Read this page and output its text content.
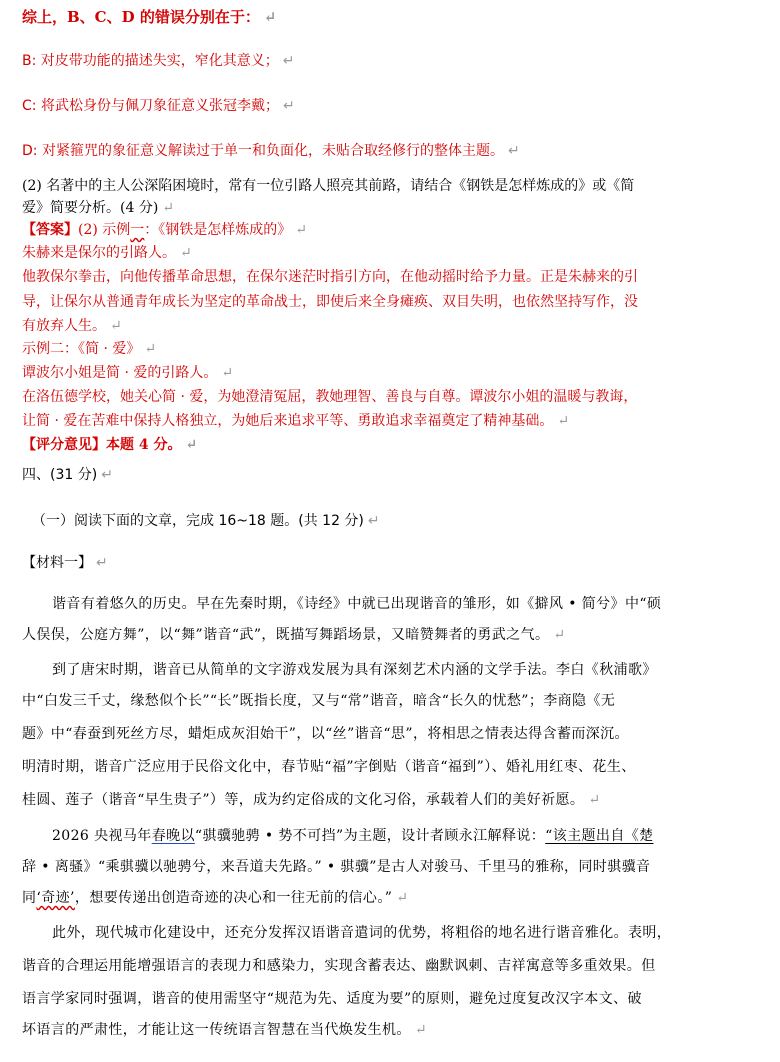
综上，B、C、D 的错误分别在于： ↵
B: 对皮带功能的描述失实，窄化其意义； ↵
C: 将武松身份与佩刀象征意义张冠李戴； ↵
D: 对紧箍咒的象征意义解读过于单一和负面化，未贴合取经修行的整体主题。 ↵
(2) 名著中的主人公深陷困境时，常有一位引路人照亮其前路，请结合《钢铁是怎样炼成的》或《简
爱》简要分析。(4 分) ↵
【答案】(2) 示例一：《钢铁是怎样炼成的》 ↵
朱赫来是保尔的引路人。 ↵
他教保尔拳击，向他传播革命思想，在保尔迷茫时指引方向，在他动摇时给予力量。正是朱赫来的引
导，让保尔从普通青年成长为坚定的革命战士，即使后来全身瘫痪、双目失明，也依然坚持写作，没
有放弃人生。 ↵
示例二：《简 · 爱》 ↵
谭波尔小姐是简 · 爱的引路人。 ↵
在洛伍德学校，她关心简 · 爱，为她澄清冤屈，教她理智、善良与自尊。谭波尔小姐的温暖与教诲，
让简 · 爱在苦难中保持人格独立，为她后来追求平等、勇敢追求幸福奠定了精神基础。 ↵
【评分意见】本题 4 分。 ↵
四、(31 分) ↵
（一）阅读下面的文章，完成 16~18 题。(共 12 分) ↵
【材料一】 ↵
谐音有着悠久的历史。早在先秦时期，《诗经》中就已出现谐音的雏形，如《擗风 • 简兮》中“硕
人俣俣，公庭方舞”，以“舞”谐音“武”，既描写舞蹈场景，又暗赞舞者的勇武之气。 ↵
到了唐宋时期，谐音已从简单的文字游戏发展为具有深刻艺术内涵的文学手法。李白《秋浦歌》
中“白发三千丈，缘愁似个长”“长”既指长度，又与“常”谐音，暗含“长久的忧愁”；李商隐《无
题》中“春蚕到死丝方尽，蜡炬成灰泪始干”，以“丝”谐音“思”，将相思之情表达得含蓄而深沉。
明清时期，谐音广泛应用于民俗文化中，春节贴“福”字倒贴（谐音“福到”）、婚礼用红枣、花生、
桂圆、莲子（谐音“早生贵子”）等，成为约定俗成的文化习俗，承载着人们的美好祈愿。 ↵
2026 央视马年春晚以“骐骥驰骋 • 势不可挡”为主题，设计者顾永江解释说：“该主题出自《楚
辞 • 离骚》“乘骐骥以驰骋兮，来吾道夫先路。” • 骐骥”是古人对骏马、千里马的雅称，同时骐骥音
同‘奇迹’，想要传递出创造奇迹的决心和一往无前的信心。” ↵
此外，现代城市化建设中，还充分发挥汉语谐音遣词的优势，将粗俗的地名进行谐音雅化。表明，
谐音的合理运用能增强语言的表现力和感染力，实现含蓄表达、幽默讽刺、吉祥寓意等多重效果。但
语言学家同时强调，谐音的使用需坚守“规范为先、适度为要”的原则，避免过度复改汉字本文、破
坏语言的严肃性，才能让这一传统语言智慧在当代焕发生机。 ↵
